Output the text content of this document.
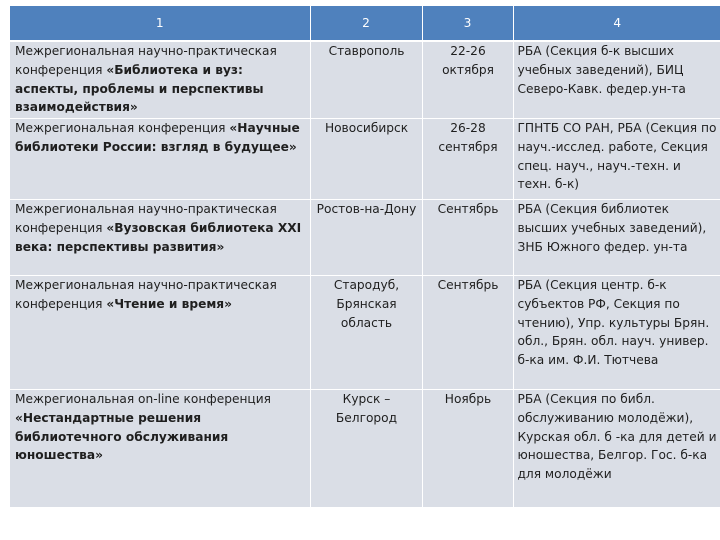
1	2	3	4
Межрегиональная научно-практическая конференция «Библиотека и вуз: аспекты, проблемы и перспективы взаимодействия»	Ставрополь	22-26 октября	РБА (Секция б-к высших учебных заведений), БИЦ Северо-Кавк. федер.ун-та
Межрегиональная конференция «Научные библиотеки России: взгляд в будущее»	Новосибирск	26-28 сентября	ГПНТБ СО РАН, РБА (Секция по науч.-исслед. работе, Секция спец. науч., науч.-техн. и техн. б-к)
Межрегиональная научно-практическая конференция «Вузовская библиотека XXI века: перспективы развития»	Ростов-на-Дону	Сентябрь	РБА (Секция библиотек высших учебных заведений), ЗНБ Южного федер. ун-та
Межрегиональная научно-практическая конференция «Чтение и время»	Стародуб, Брянская область	Сентябрь	РБА (Секция центр. б-к субъектов РФ, Секция по чтению), Упр. культуры Брян. обл., Брян. обл. науч. универ. б-ка им. Ф.И. Тютчева
Межрегиональная on-line конференция «Нестандартные решения библиотечного обслуживания юношества»	Курск – Белгород	Ноябрь	РБА (Секция по библ. обслуживанию молодёжи), Курская обл. б -ка для детей и юношества, Белгор. Гос. б-ка для молодёжи
